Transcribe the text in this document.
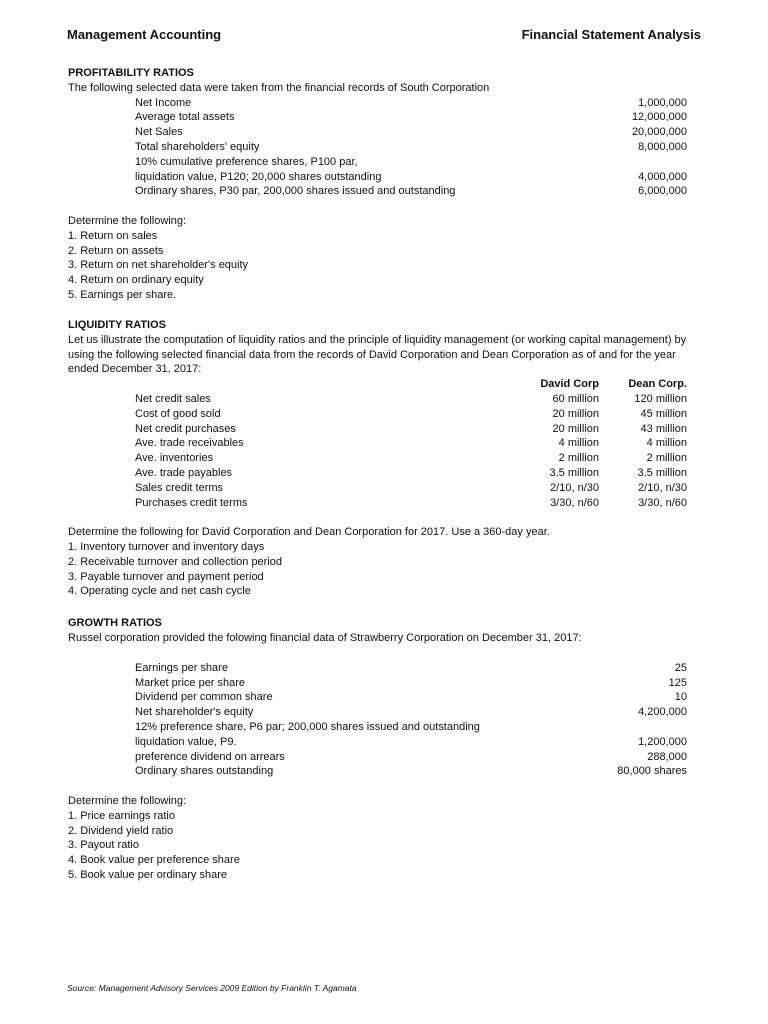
Management Accounting	Financial Statement Analysis
PROFITABILITY RATIOS
The following selected data were taken from the financial records of South Corporation
Net Income	1,000,000
Average total assets	12,000,000
Net Sales	20,000,000
Total shareholders' equity	8,000,000
10% cumulative preference shares, P100 par,
liquidation value, P120; 20,000 shares outstanding	4,000,000
Ordinary shares, P30 par, 200,000 shares issued and outstanding	6,000,000
Determine the following:
1. Return on sales
2. Return on assets
3. Return on net shareholder's equity
4. Return on ordinary equity
5. Earnings per share.
LIQUIDITY RATIOS
Let us illustrate the computation of liquidity ratios and the principle of liquidity management (or working capital management) by using the following selected financial data from the records of David Corporation and Dean Corporation as of and for the year ended December 31, 2017:
David Corp	Dean Corp.
Net credit sales	60 million	120 million
Cost of good sold	20 million	45 million
Net credit purchases	20 million	43 million
Ave. trade receivables	4 million	4 million
Ave. inventories	2 million	2 million
Ave. trade payables	3.5 million	3.5 million
Sales credit terms	2/10, n/30	2/10, n/30
Purchases credit terms	3/30, n/60	3/30, n/60
Determine the following for David Corporation and Dean Corporation for 2017. Use a 360-day year.
1. Inventory turnover and inventory days
2. Receivable turnover and collection period
3. Payable turnover and payment period
4. Operating cycle and net cash cycle
GROWTH RATIOS
Russel corporation provided the folowing financial data of Strawberry Corporation on December 31, 2017:
Earnings per share	25
Market price per share	125
Dividend per common share	10
Net shareholder's equity	4,200,000
12% preference share, P6 par; 200,000 shares issued and outstanding
liquidation value, P9.	1,200,000
preference dividend on arrears	288,000
Ordinary shares outstanding	80,000 shares
Determine the following:
1. Price earnings ratio
2. Dividend yield ratio
3. Payout ratio
4. Book value per preference share
5. Book value per ordinary share
Source: Management Advisory Services 2009 Edition by Franklin T. Agamata
